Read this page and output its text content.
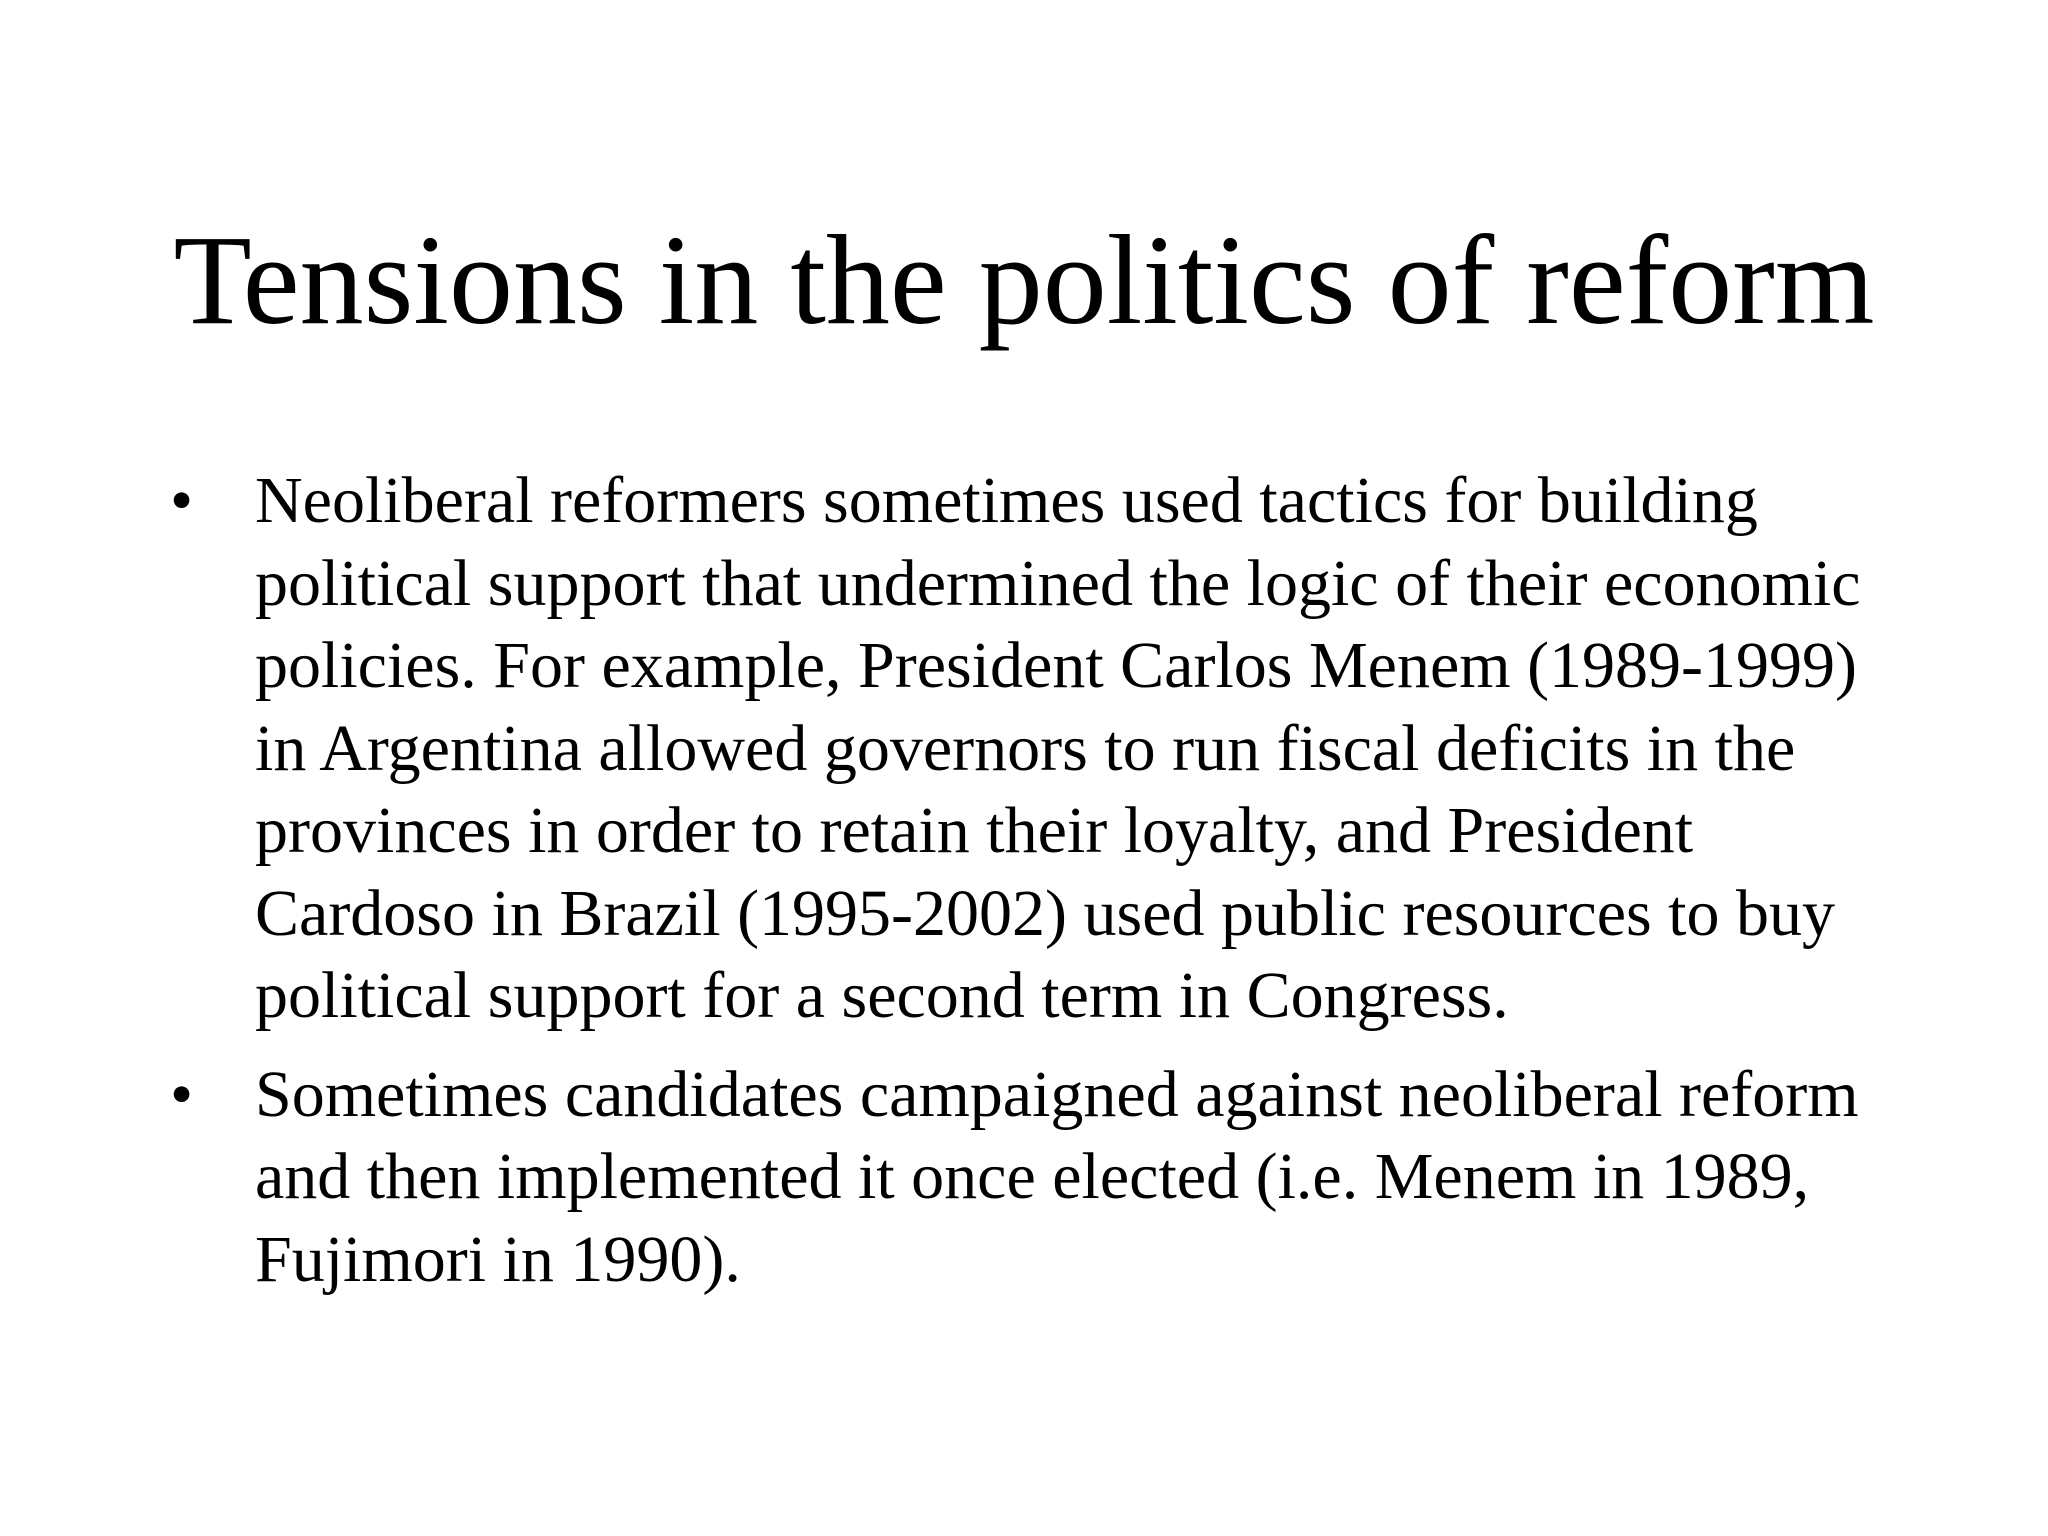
Tensions in the politics of reform
• Neoliberal reformers sometimes used tactics for building political support that undermined the logic of their economic policies. For example, President Carlos Menem (1989-1999) in Argentina allowed governors to run fiscal deficits in the provinces in order to retain their loyalty, and President Cardoso in Brazil (1995-2002) used public resources to buy political support for a second term in Congress.
• Sometimes candidates campaigned against neoliberal reform and then implemented it once elected (i.e. Menem in 1989, Fujimori in 1990).
